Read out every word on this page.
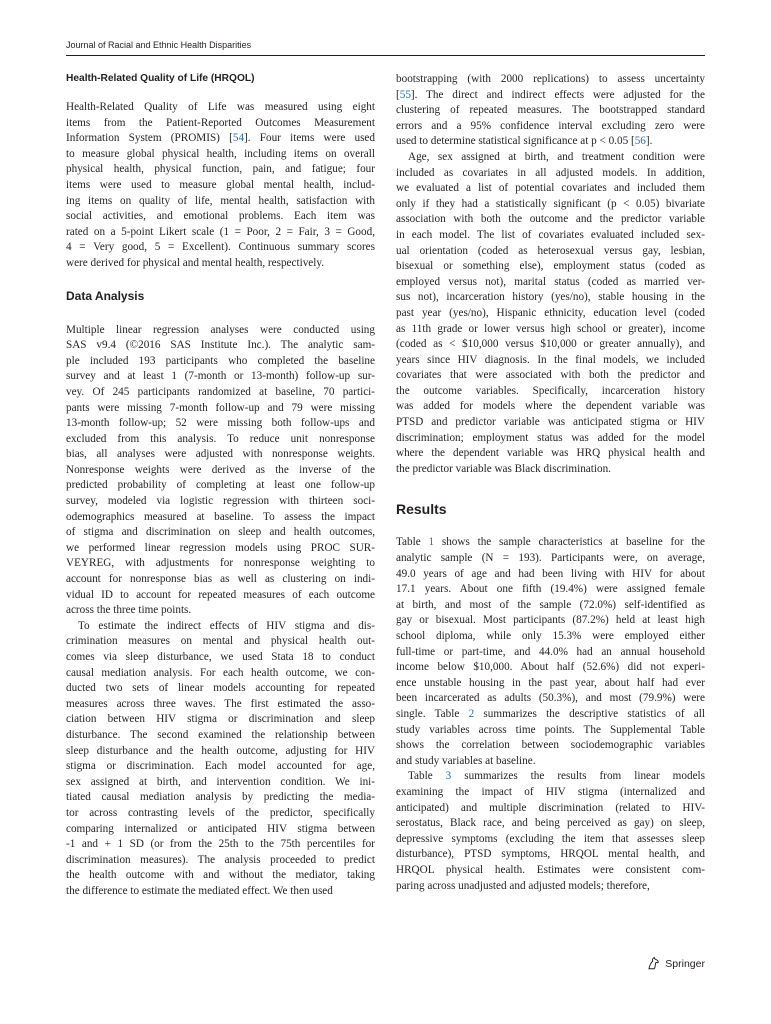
Journal of Racial and Ethnic Health Disparities
Health-Related Quality of Life (HRQOL)
Health-Related Quality of Life was measured using eight
items from the Patient-Reported Outcomes Measurement
Information System (PROMIS) [54]. Four items were used
to measure global physical health, including items on overall
physical health, physical function, pain, and fatigue; four
items were used to measure global mental health, includ-
ing items on quality of life, mental health, satisfaction with
social activities, and emotional problems. Each item was
rated on a 5-point Likert scale (1 = Poor, 2 = Fair, 3 = Good,
4 = Very good, 5 = Excellent). Continuous summary scores
were derived for physical and mental health, respectively.
Data Analysis
Multiple linear regression analyses were conducted using
SAS v9.4 (©2016 SAS Institute Inc.). The analytic sam-
ple included 193 participants who completed the baseline
survey and at least 1 (7-month or 13-month) follow-up sur-
vey. Of 245 participants randomized at baseline, 70 partici-
pants were missing 7-month follow-up and 79 were missing
13-month follow-up; 52 were missing both follow-ups and
excluded from this analysis. To reduce unit nonresponse
bias, all analyses were adjusted with nonresponse weights.
Nonresponse weights were derived as the inverse of the
predicted probability of completing at least one follow-up
survey, modeled via logistic regression with thirteen soci-
odemographics measured at baseline. To assess the impact
of stigma and discrimination on sleep and health outcomes,
we performed linear regression models using PROC SUR-
VEYREG, with adjustments for nonresponse weighting to
account for nonresponse bias as well as clustering on indi-
vidual ID to account for repeated measures of each outcome
across the three time points.
To estimate the indirect effects of HIV stigma and dis-
crimination measures on mental and physical health out-
comes via sleep disturbance, we used Stata 18 to conduct
causal mediation analysis. For each health outcome, we con-
ducted two sets of linear models accounting for repeated
measures across three waves. The first estimated the asso-
ciation between HIV stigma or discrimination and sleep
disturbance. The second examined the relationship between
sleep disturbance and the health outcome, adjusting for HIV
stigma or discrimination. Each model accounted for age,
sex assigned at birth, and intervention condition. We ini-
tiated causal mediation analysis by predicting the media-
tor across contrasting levels of the predictor, specifically
comparing internalized or anticipated HIV stigma between
-1 and + 1 SD (or from the 25th to the 75th percentiles for
discrimination measures). The analysis proceeded to predict
the health outcome with and without the mediator, taking
the difference to estimate the mediated effect. We then used
bootstrapping (with 2000 replications) to assess uncertainty
[55]. The direct and indirect effects were adjusted for the
clustering of repeated measures. The bootstrapped standard
errors and a 95% confidence interval excluding zero were
used to determine statistical significance at p < 0.05 [56].
Age, sex assigned at birth, and treatment condition were
included as covariates in all adjusted models. In addition,
we evaluated a list of potential covariates and included them
only if they had a statistically significant (p < 0.05) bivariate
association with both the outcome and the predictor variable
in each model. The list of covariates evaluated included sex-
ual orientation (coded as heterosexual versus gay, lesbian,
bisexual or something else), employment status (coded as
employed versus not), marital status (coded as married ver-
sus not), incarceration history (yes/no), stable housing in the
past year (yes/no), Hispanic ethnicity, education level (coded
as 11th grade or lower versus high school or greater), income
(coded as < $10,000 versus $10,000 or greater annually), and
years since HIV diagnosis. In the final models, we included
covariates that were associated with both the predictor and
the outcome variables. Specifically, incarceration history
was added for models where the dependent variable was
PTSD and predictor variable was anticipated stigma or HIV
discrimination; employment status was added for the model
where the dependent variable was HRQ physical health and
the predictor variable was Black discrimination.
Results
Table 1 shows the sample characteristics at baseline for the
analytic sample (N = 193). Participants were, on average,
49.0 years of age and had been living with HIV for about
17.1 years. About one fifth (19.4%) were assigned female
at birth, and most of the sample (72.0%) self-identified as
gay or bisexual. Most participants (87.2%) held at least high
school diploma, while only 15.3% were employed either
full-time or part-time, and 44.0% had an annual household
income below $10,000. About half (52.6%) did not experi-
ence unstable housing in the past year, about half had ever
been incarcerated as adults (50.3%), and most (79.9%) were
single. Table 2 summarizes the descriptive statistics of all
study variables across time points. The Supplemental Table
shows the correlation between sociodemographic variables
and study variables at baseline.
Table 3 summarizes the results from linear models
examining the impact of HIV stigma (internalized and
anticipated) and multiple discrimination (related to HIV-
serostatus, Black race, and being perceived as gay) on sleep,
depressive symptoms (excluding the item that assesses sleep
disturbance), PTSD symptoms, HRQOL mental health, and
HRQOL physical health. Estimates were consistent com-
paring across unadjusted and adjusted models; therefore,
Springer
